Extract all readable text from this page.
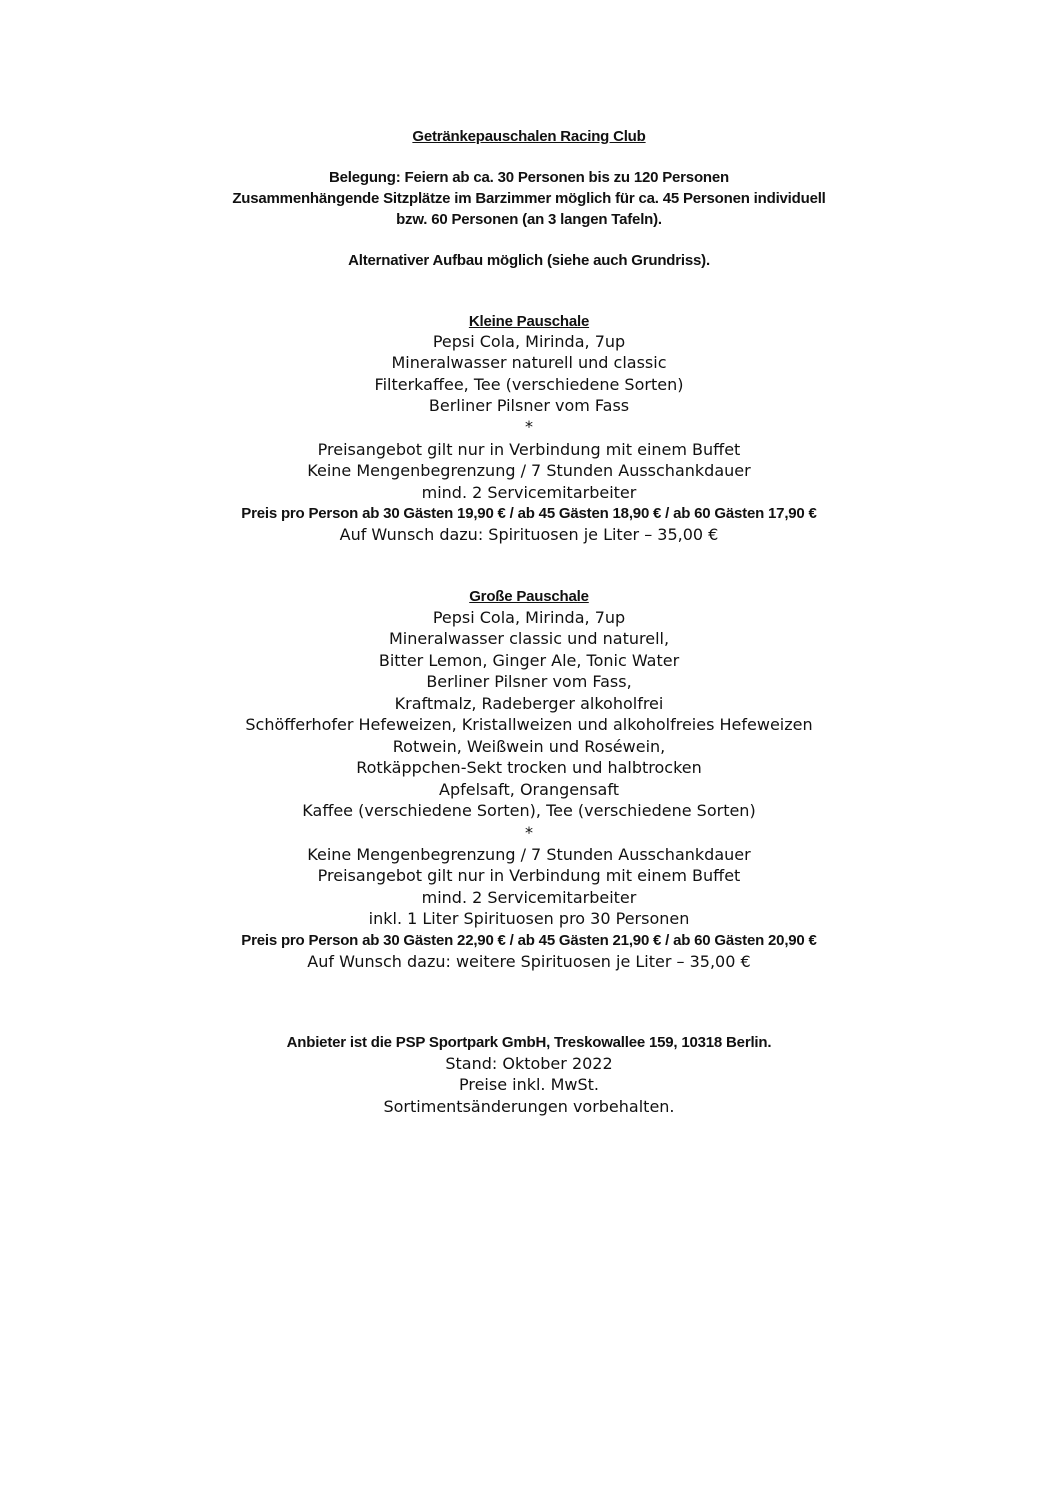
Getränkepauschalen Racing Club
Belegung: Feiern ab ca. 30 Personen bis zu 120 Personen
Zusammenhängende Sitzplätze im Barzimmer möglich für ca. 45 Personen individuell
bzw. 60 Personen (an 3 langen Tafeln).
Alternativer Aufbau möglich (siehe auch Grundriss).
Kleine Pauschale
Pepsi Cola, Mirinda, 7up
Mineralwasser naturell und classic
Filterkaffee, Tee (verschiedene Sorten)
Berliner Pilsner vom Fass
*
Preisangebot gilt nur in Verbindung mit einem Buffet
Keine Mengenbegrenzung / 7 Stunden Ausschankdauer
mind. 2 Servicemitarbeiter
Preis pro Person ab 30 Gästen 19,90 € / ab 45 Gästen 18,90 € / ab 60 Gästen 17,90 €
Auf Wunsch dazu: Spirituosen je Liter – 35,00 €
Große Pauschale
Pepsi Cola, Mirinda, 7up
Mineralwasser classic und naturell,
Bitter Lemon, Ginger Ale, Tonic Water
Berliner Pilsner vom Fass,
Kraftmalz, Radeberger alkoholfrei
Schöfferhofer Hefeweizen, Kristallweizen und alkoholfreies Hefeweizen
Rotwein, Weißwein und Roséwein,
Rotkäppchen-Sekt trocken und halbtrocken
Apfelsaft, Orangensaft
Kaffee (verschiedene Sorten), Tee (verschiedene Sorten)
*
Keine Mengenbegrenzung / 7 Stunden Ausschankdauer
Preisangebot gilt nur in Verbindung mit einem Buffet
mind. 2 Servicemitarbeiter
inkl. 1 Liter Spirituosen pro 30 Personen
Preis pro Person ab 30 Gästen 22,90 € / ab 45 Gästen 21,90 € / ab 60 Gästen 20,90 €
Auf Wunsch dazu: weitere Spirituosen je Liter – 35,00 €
Anbieter ist die PSP Sportpark GmbH, Treskowallee 159, 10318 Berlin.
Stand: Oktober 2022
Preise inkl. MwSt.
Sortimentsänderungen vorbehalten.
